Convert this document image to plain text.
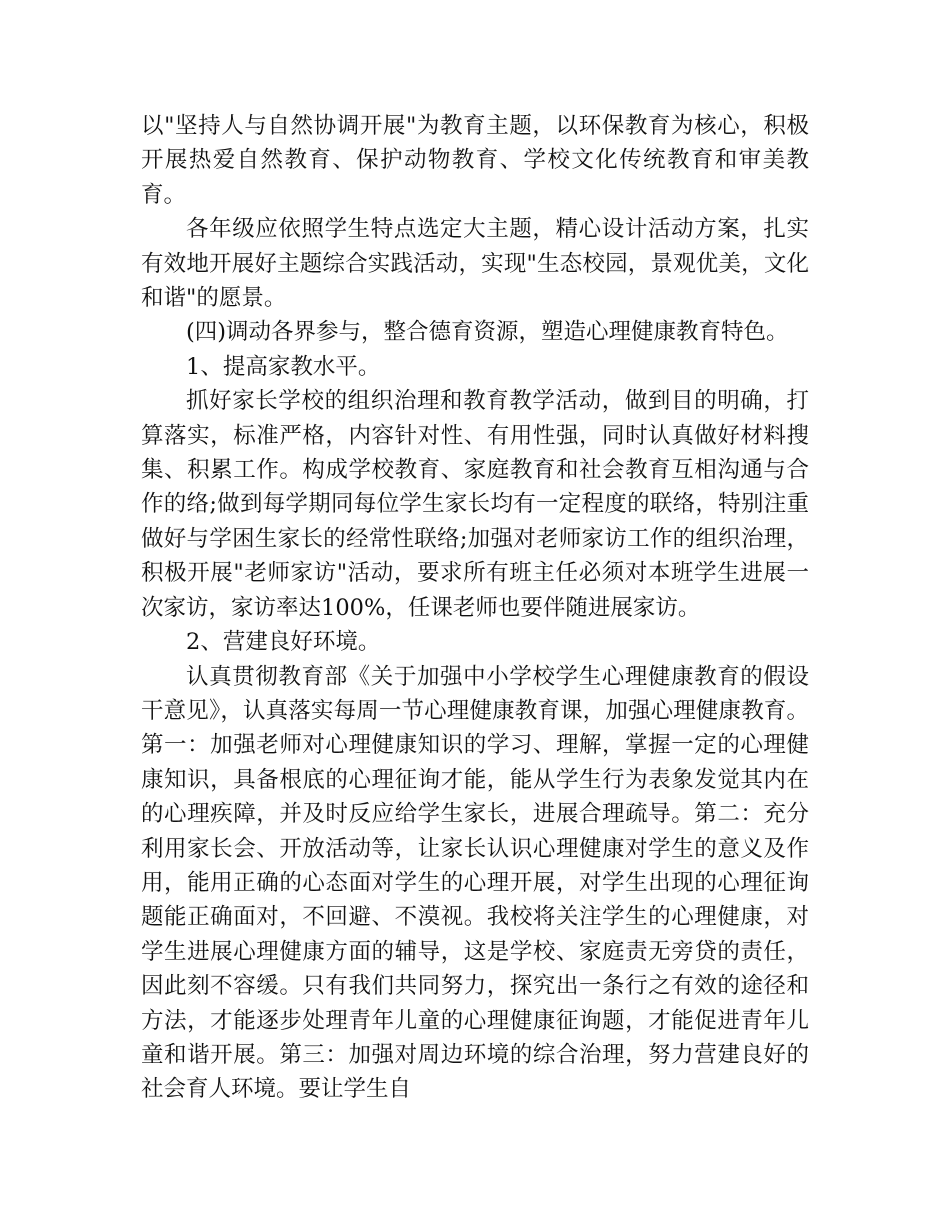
以"坚持人与自然协调开展"为教育主题，以环保教育为核心，积极开展热爱自然教育、保护动物教育、学校文化传统教育和审美教育。

各年级应依照学生特点选定大主题，精心设计活动方案，扎实有效地开展好主题综合实践活动，实现"生态校园，景观优美，文化和谐"的愿景。

(四)调动各界参与，整合德育资源，塑造心理健康教育特色。

1、提高家教水平。

抓好家长学校的组织治理和教育教学活动，做到目的明确，打算落实，标准严格，内容针对性、有用性强，同时认真做好材料搜集、积累工作。构成学校教育、家庭教育和社会教育互相沟通与合作的络;做到每学期同每位学生家长均有一定程度的联络，特别注重做好与学困生家长的经常性联络;加强对老师家访工作的组织治理，积极开展"老师家访"活动，要求所有班主任必须对本班学生进展一次家访，家访率达100%，任课老师也要伴随进展家访。

2、营建良好环境。

认真贯彻教育部《关于加强中小学校学生心理健康教育的假设干意见》，认真落实每周一节心理健康教育课，加强心理健康教育。第一：加强老师对心理健康知识的学习、理解，掌握一定的心理健康知识，具备根底的心理征询才能，能从学生行为表象发觉其内在的心理疾障，并及时反应给学生家长，进展合理疏导。第二：充分利用家长会、开放活动等，让家长认识心理健康对学生的意义及作用，能用正确的心态面对学生的心理开展，对学生出现的心理征询题能正确面对，不回避、不漠视。我校将关注学生的心理健康，对学生进展心理健康方面的辅导，这是学校、家庭责无旁贷的责任，因此刻不容缓。只有我们共同努力，探究出一条行之有效的途径和方法，才能逐步处理青年儿童的心理健康征询题，才能促进青年儿童和谐开展。第三：加强对周边环境的综合治理，努力营建良好的社会育人环境。要让学生自
